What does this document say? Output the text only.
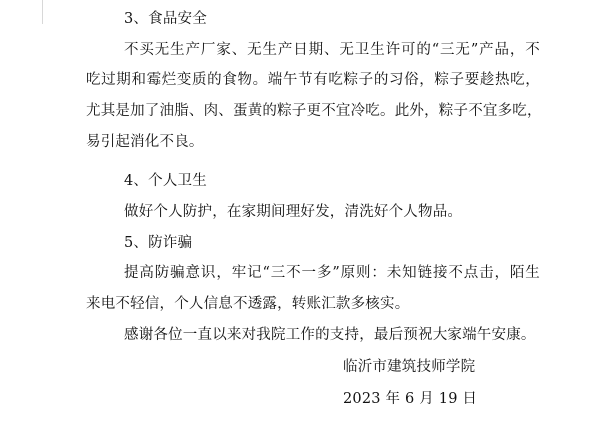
3、食品安全
不买无生产厂家、无生产日期、无卫生许可的“三无”产品，不
吃过期和霉烂变质的食物。端午节有吃粽子的习俗，粽子要趁热吃，
尤其是加了油脂、肉、蛋黄的粽子更不宜冷吃。此外，粽子不宜多吃，
易引起消化不良。
4、个人卫生
做好个人防护，在家期间理好发，清洗好个人物品。
5、防诈骗
提高防骗意识，牢记“三不一多”原则：未知链接不点击，陌生
来电不轻信，个人信息不透露，转账汇款多核实。
感谢各位一直以来对我院工作的支持，最后预祝大家端午安康。
临沂市建筑技师学院
2023 年 6 月 19 日
